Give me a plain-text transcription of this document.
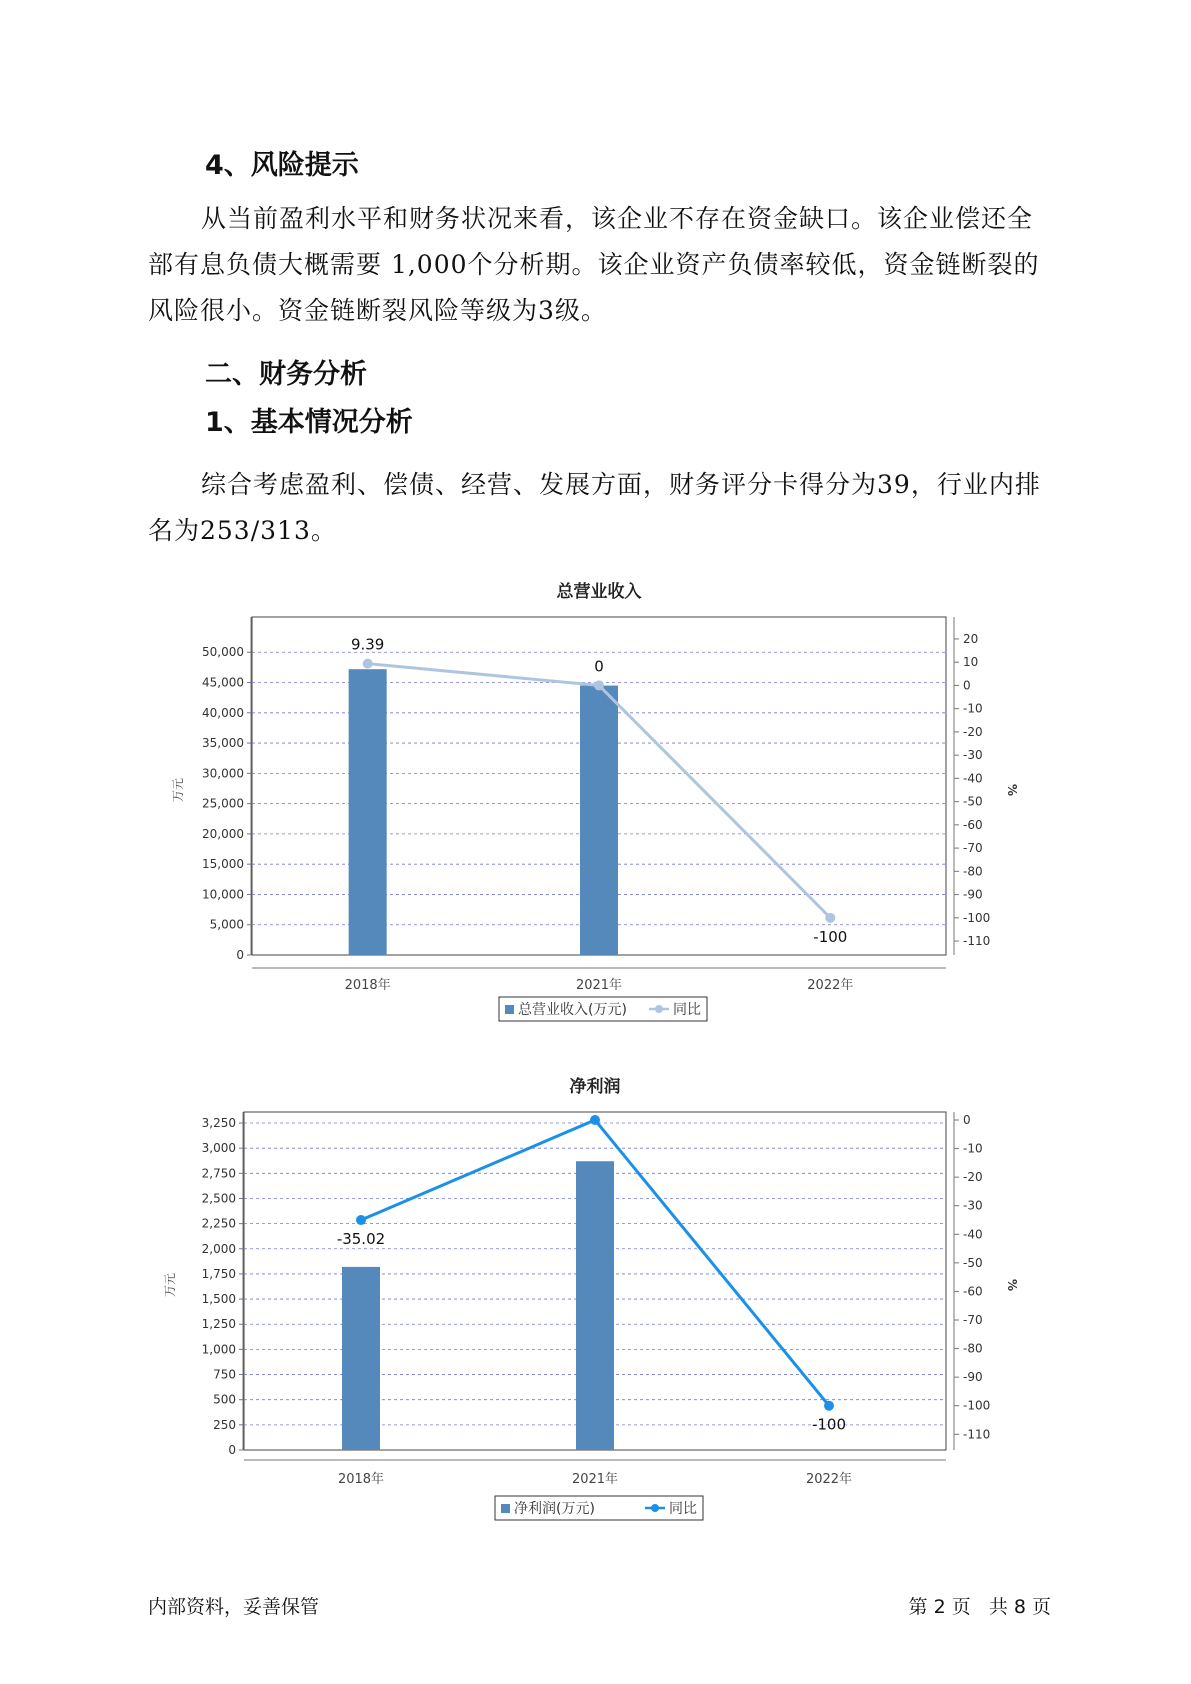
4、风险提示
从当前盈利水平和财务状况来看，该企业不存在资金缺口。该企业偿还全部有息负债大概需要 1,000个分析期。该企业资产负债率较低，资金链断裂的风险很小。资金链断裂风险等级为3级。
二、财务分析
1、基本情况分析
综合考虑盈利、偿债、经营、发展方面，财务评分卡得分为39，行业内排名为253/313。
总营业收入
0
5,000
10,000
15,000
20,000
25,000
30,000
35,000
40,000
45,000
50,000
20
10
0
-10
-20
-30
-40
-50
-60
-70
-80
-90
-100
-110
万元	%
2018年	2021年	2022年
9.39
0
-100
总营业收入(万元)	同比
净利润
0
250
500
750
1,000
1,250
1,500
1,750
2,000
2,250
2,500
2,750
3,000
3,250	0
-10
-20
-30
-40
-50
-60
-70
-80
-90
-100
-110
万元	%
2018年	2021年	2022年
-35.02
-100
净利润(万元)	同比
内部资料，妥善保管	第 2 页   共 8 页
